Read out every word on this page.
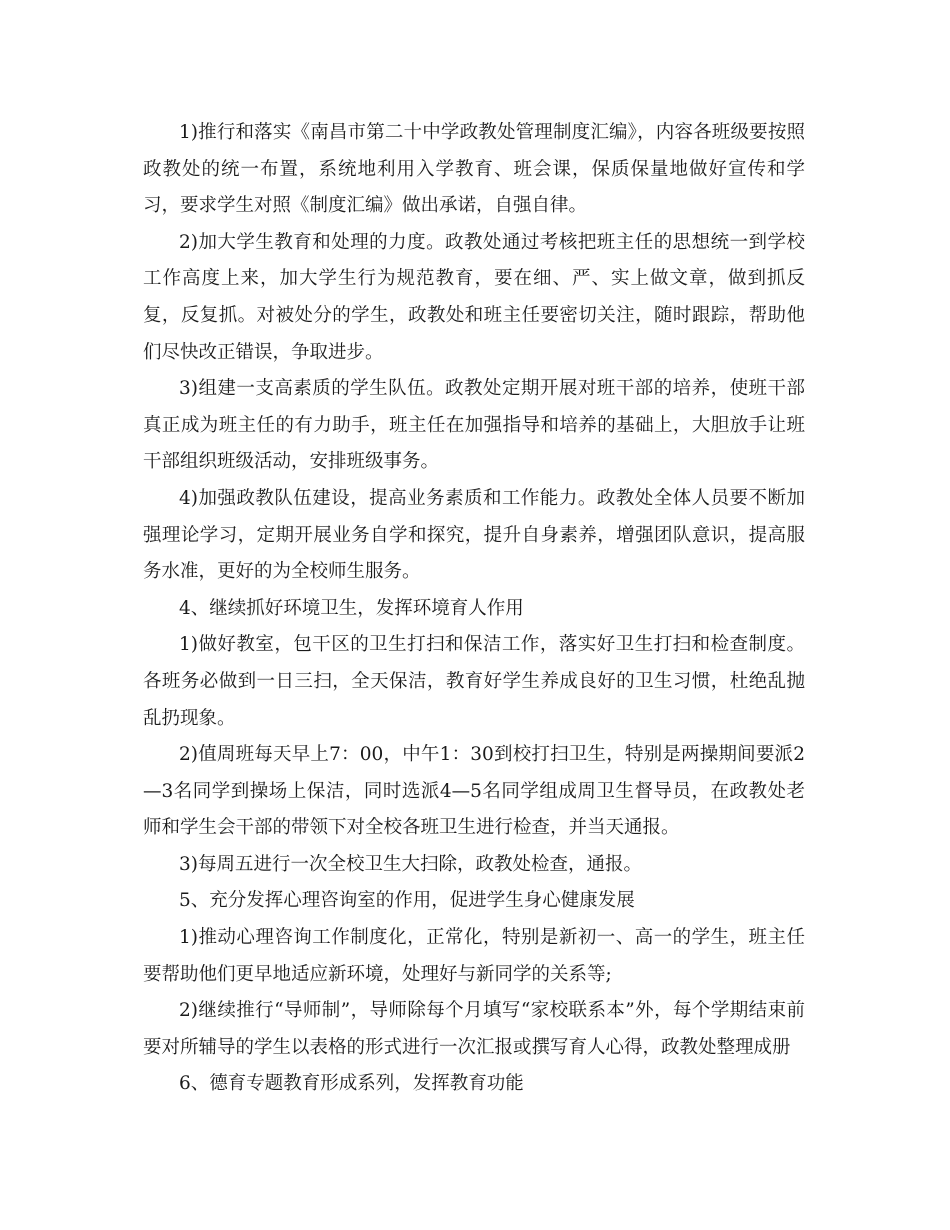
1)推行和落实《南昌市第二十中学政教处管理制度汇编》，内容各班级要按照政教处的统一布置，系统地利用入学教育、班会课，保质保量地做好宣传和学习，要求学生对照《制度汇编》做出承诺，自强自律。

2)加大学生教育和处理的力度。政教处通过考核把班主任的思想统一到学校工作高度上来，加大学生行为规范教育，要在细、严、实上做文章，做到抓反复，反复抓。对被处分的学生，政教处和班主任要密切关注，随时跟踪，帮助他们尽快改正错误，争取进步。

3)组建一支高素质的学生队伍。政教处定期开展对班干部的培养，使班干部真正成为班主任的有力助手，班主任在加强指导和培养的基础上，大胆放手让班干部组织班级活动，安排班级事务。

4)加强政教队伍建设，提高业务素质和工作能力。政教处全体人员要不断加强理论学习，定期开展业务自学和探究，提升自身素养，增强团队意识，提高服务水准，更好的为全校师生服务。

4、继续抓好环境卫生，发挥环境育人作用

1)做好教室，包干区的卫生打扫和保洁工作，落实好卫生打扫和检查制度。各班务必做到一日三扫，全天保洁，教育好学生养成良好的卫生习惯，杜绝乱抛乱扔现象。

2)值周班每天早上7：00，中午1：30到校打扫卫生，特别是两操期间要派2—3名同学到操场上保洁，同时选派4—5名同学组成周卫生督导员，在政教处老师和学生会干部的带领下对全校各班卫生进行检查，并当天通报。

3)每周五进行一次全校卫生大扫除，政教处检查，通报。

5、充分发挥心理咨询室的作用，促进学生身心健康发展

1)推动心理咨询工作制度化，正常化，特别是新初一、高一的学生，班主任要帮助他们更早地适应新环境，处理好与新同学的关系等;

2)继续推行“导师制”，导师除每个月填写“家校联系本”外，每个学期结束前要对所辅导的学生以表格的形式进行一次汇报或撰写育人心得，政教处整理成册

6、德育专题教育形成系列，发挥教育功能
